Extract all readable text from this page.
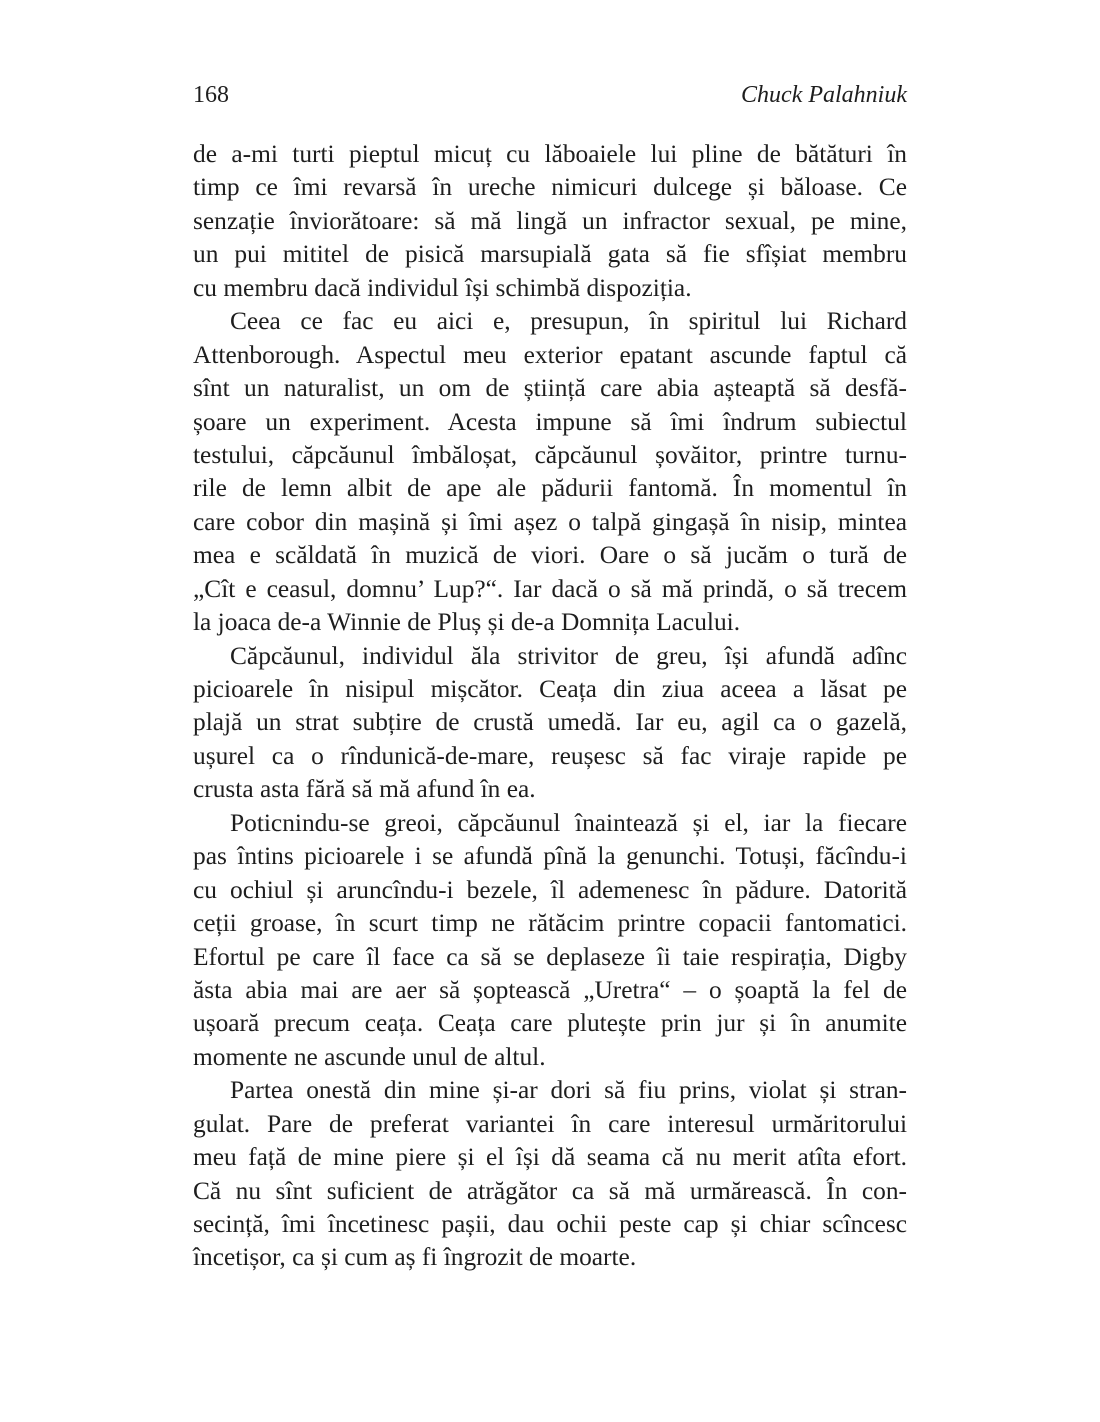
168	Chuck Palahniuk
de a-mi turti pieptul micuț cu lăboaiele lui pline de bătături în
timp ce îmi revarsă în ureche nimicuri dulcege și băloase. Ce
senzație înviorătoare: să mă lingă un infractor sexual, pe mine,
un pui mititel de pisică marsupială gata să fie sfîșiat membru
cu membru dacă individul își schimbă dispoziția.
Ceea ce fac eu aici e, presupun, în spiritul lui Richard
Attenborough. Aspectul meu exterior epatant ascunde faptul că
sînt un naturalist, un om de știință care abia așteaptă să desfă-
șoare un experiment. Acesta impune să îmi îndrum subiectul
testului, căpcăunul îmbăloșat, căpcăunul șovăitor, printre turnu-
rile de lemn albit de ape ale pădurii fantomă. În momentul în
care cobor din mașină și îmi așez o talpă gingașă în nisip, mintea
mea e scăldată în muzică de viori. Oare o să jucăm o tură de
„Cît e ceasul, domnu’ Lup?“. Iar dacă o să mă prindă, o să trecem
la joaca de-a Winnie de Pluș și de-a Domnița Lacului.
Căpcăunul, individul ăla strivitor de greu, își afundă adînc
picioarele în nisipul mișcător. Ceața din ziua aceea a lăsat pe
plajă un strat subțire de crustă umedă. Iar eu, agil ca o gazelă,
ușurel ca o rîndunică-de-mare, reușesc să fac viraje rapide pe
crusta asta fără să mă afund în ea.
Poticnindu-se greoi, căpcăunul înaintează și el, iar la fiecare
pas întins picioarele i se afundă pînă la genunchi. Totuși, făcîndu-i
cu ochiul și aruncîndu-i bezele, îl ademenesc în pădure. Datorită
ceții groase, în scurt timp ne rătăcim printre copacii fantomatici.
Efortul pe care îl face ca să se deplaseze îi taie respirația, Digby
ăsta abia mai are aer să șoptească „Uretra“ – o șoaptă la fel de
ușoară precum ceața. Ceața care plutește prin jur și în anumite
momente ne ascunde unul de altul.
Partea onestă din mine și-ar dori să fiu prins, violat și stran-
gulat. Pare de preferat variantei în care interesul urmăritorului
meu față de mine piere și el își dă seama că nu merit atîta efort.
Că nu sînt suficient de atrăgător ca să mă urmărească. În con-
secință, îmi încetinesc pașii, dau ochii peste cap și chiar scîncesc
încetișor, ca și cum aș fi îngrozit de moarte.
